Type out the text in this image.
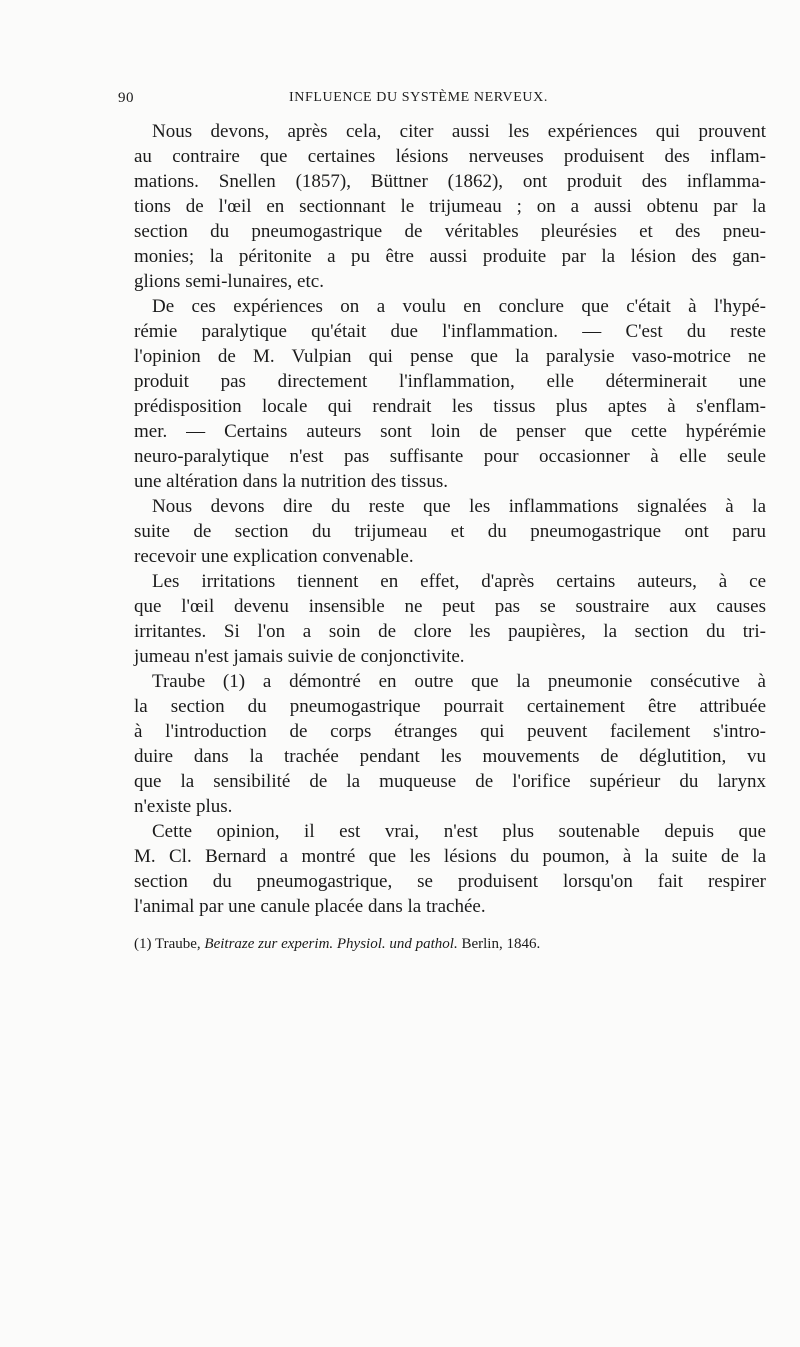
90	INFLUENCE DU SYSTÈME NERVEUX.
Nous devons, après cela, citer aussi les expériences qui prouvent
au contraire que certaines lésions nerveuses produisent des inflam-
mations. Snellen (1857), Büttner (1862), ont produit des inflamma-
tions de l'œil en sectionnant le trijumeau ; on a aussi obtenu par la
section du pneumogastrique de véritables pleurésies et des pneu-
monies; la péritonite a pu être aussi produite par la lésion des gan-
glions semi-lunaires, etc.
De ces expériences on a voulu en conclure que c'était à l'hypé-
rémie paralytique qu'était due l'inflammation. — C'est du reste
l'opinion de M. Vulpian qui pense que la paralysie vaso-motrice ne
produit pas directement l'inflammation, elle déterminerait une
prédisposition locale qui rendrait les tissus plus aptes à s'enflam-
mer. — Certains auteurs sont loin de penser que cette hypérémie
neuro-paralytique n'est pas suffisante pour occasionner à elle seule
une altération dans la nutrition des tissus.
Nous devons dire du reste que les inflammations signalées à la
suite de section du trijumeau et du pneumogastrique ont paru
recevoir une explication convenable.
Les irritations tiennent en effet, d'après certains auteurs, à ce
que l'œil devenu insensible ne peut pas se soustraire aux causes
irritantes. Si l'on a soin de clore les paupières, la section du tri-
jumeau n'est jamais suivie de conjonctivite.
Traube (1) a démontré en outre que la pneumonie consécutive à
la section du pneumogastrique pourrait certainement être attribuée
à l'introduction de corps étranges qui peuvent facilement s'intro-
duire dans la trachée pendant les mouvements de déglutition, vu
que la sensibilité de la muqueuse de l'orifice supérieur du larynx
n'existe plus.
Cette opinion, il est vrai, n'est plus soutenable depuis que
M. Cl. Bernard a montré que les lésions du poumon, à la suite de la
section du pneumogastrique, se produisent lorsqu'on fait respirer
l'animal par une canule placée dans la trachée.
(1) Traube, Beitraze zur experim. Physiol. und pathol. Berlin, 1846.
